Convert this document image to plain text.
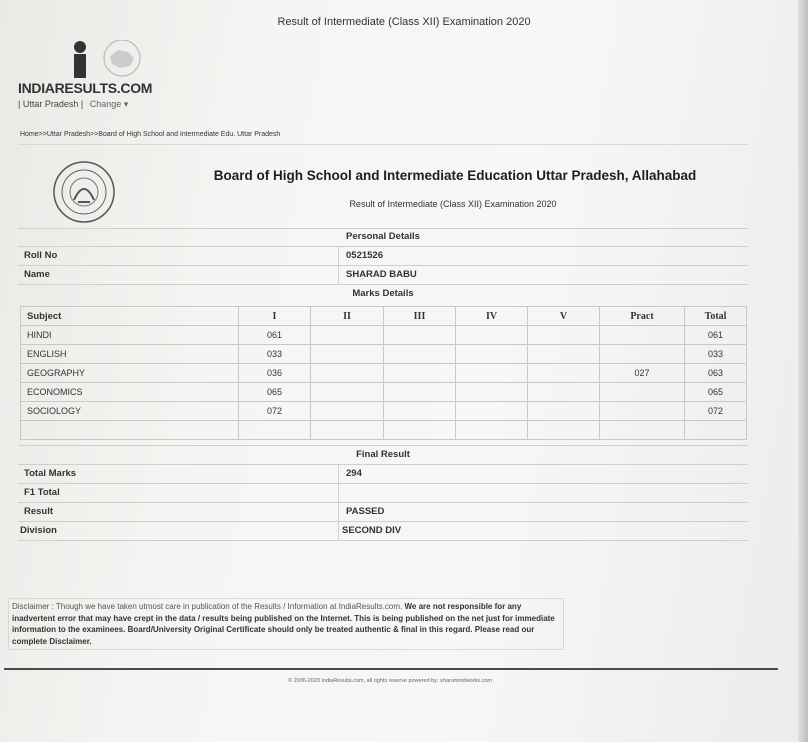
Result of Intermediate (Class XII) Examination 2020
INDIARESULTS.COM
| Uttar Pradesh | Change ▾
Home>>Uttar Pradesh>>Board of High School and Intermediate Edu. Uttar Pradesh
Board of High School and Intermediate Education Uttar Pradesh, Allahabad
Result of Intermediate (Class XII) Examination 2020
Personal Details
Roll No	0521526
Name	SHARAD BABU
Marks Details
Subject	I	II	III	IV	V	Pract	Total
HINDI	061						061
ENGLISH	033						033
GEOGRAPHY	036					027	063
ECONOMICS	065						065
SOCIOLOGY	072						072

Final Result
Total Marks	294
F1 Total
Result	PASSED
Division	SECOND DIV
Disclaimer : Though we have taken utmost care in publication of the Results / Information at IndiaResults.com. We are not responsible for any inadvertent error that may have crept in the data / results being published on the Internet. This is being published on the net just for immediate information to the examinees. Board/University Original Certificate should only be treated authentic & final in this regard. Please read our complete Disclaimer.
© 2006-2020 IndiaResults.com, all rights reserve powered by: sharumindworks.com
